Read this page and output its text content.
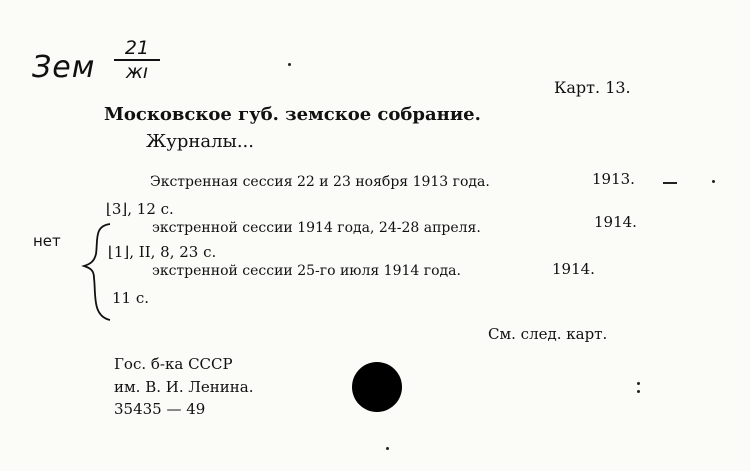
Зем
21
жı
Карт. 13.
Московское губ. земское собрание.
Журналы...
Экстренная сессия 22 и 23 ноября 1913 года.	1913.
⌊3⌋, 12 с.
экстренной сессии 1914 года, 24-28 апреля.	1914.
⌊1⌋, II, 8, 23 с.
экстренной сессии 25-го июля 1914 года.	1914.
11 с.
нет
См. след. карт.
Гос. б-ка СССР
им. В. И. Ленина.
35435 — 49
